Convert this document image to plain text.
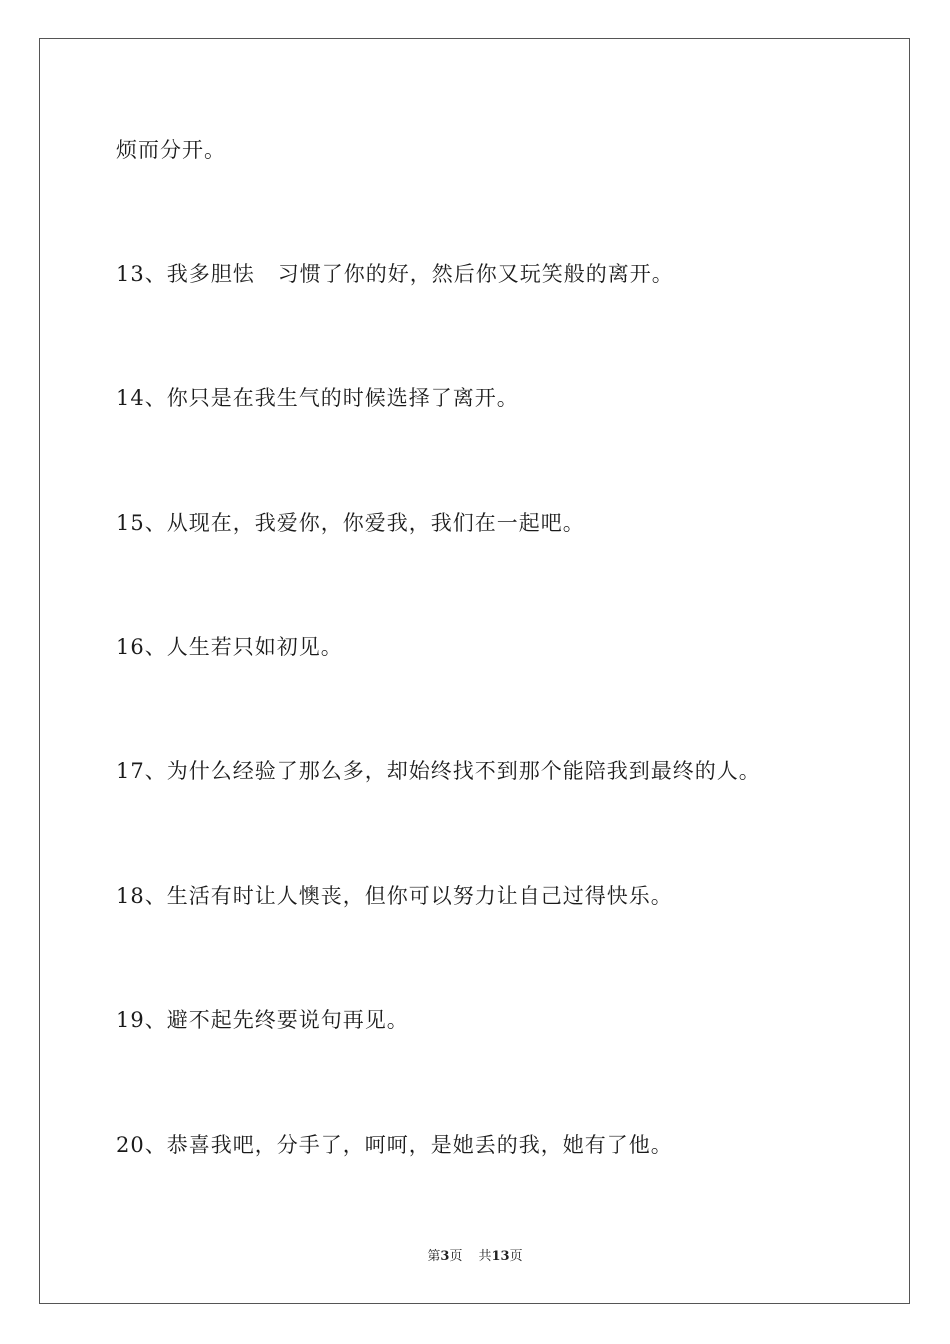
烦而分开。
13、我多胆怯   习惯了你的好，然后你又玩笑般的离开。
14、你只是在我生气的时候选择了离开。
15、从现在，我爱你，你爱我，我们在一起吧。
16、人生若只如初见。
17、为什么经验了那么多，却始终找不到那个能陪我到最终的人。
18、生活有时让人懊丧，但你可以努力让自己过得快乐。
19、避不起先终要说句再见。
20、恭喜我吧，分手了，呵呵，是她丢的我，她有了他。
第3页 共13页
